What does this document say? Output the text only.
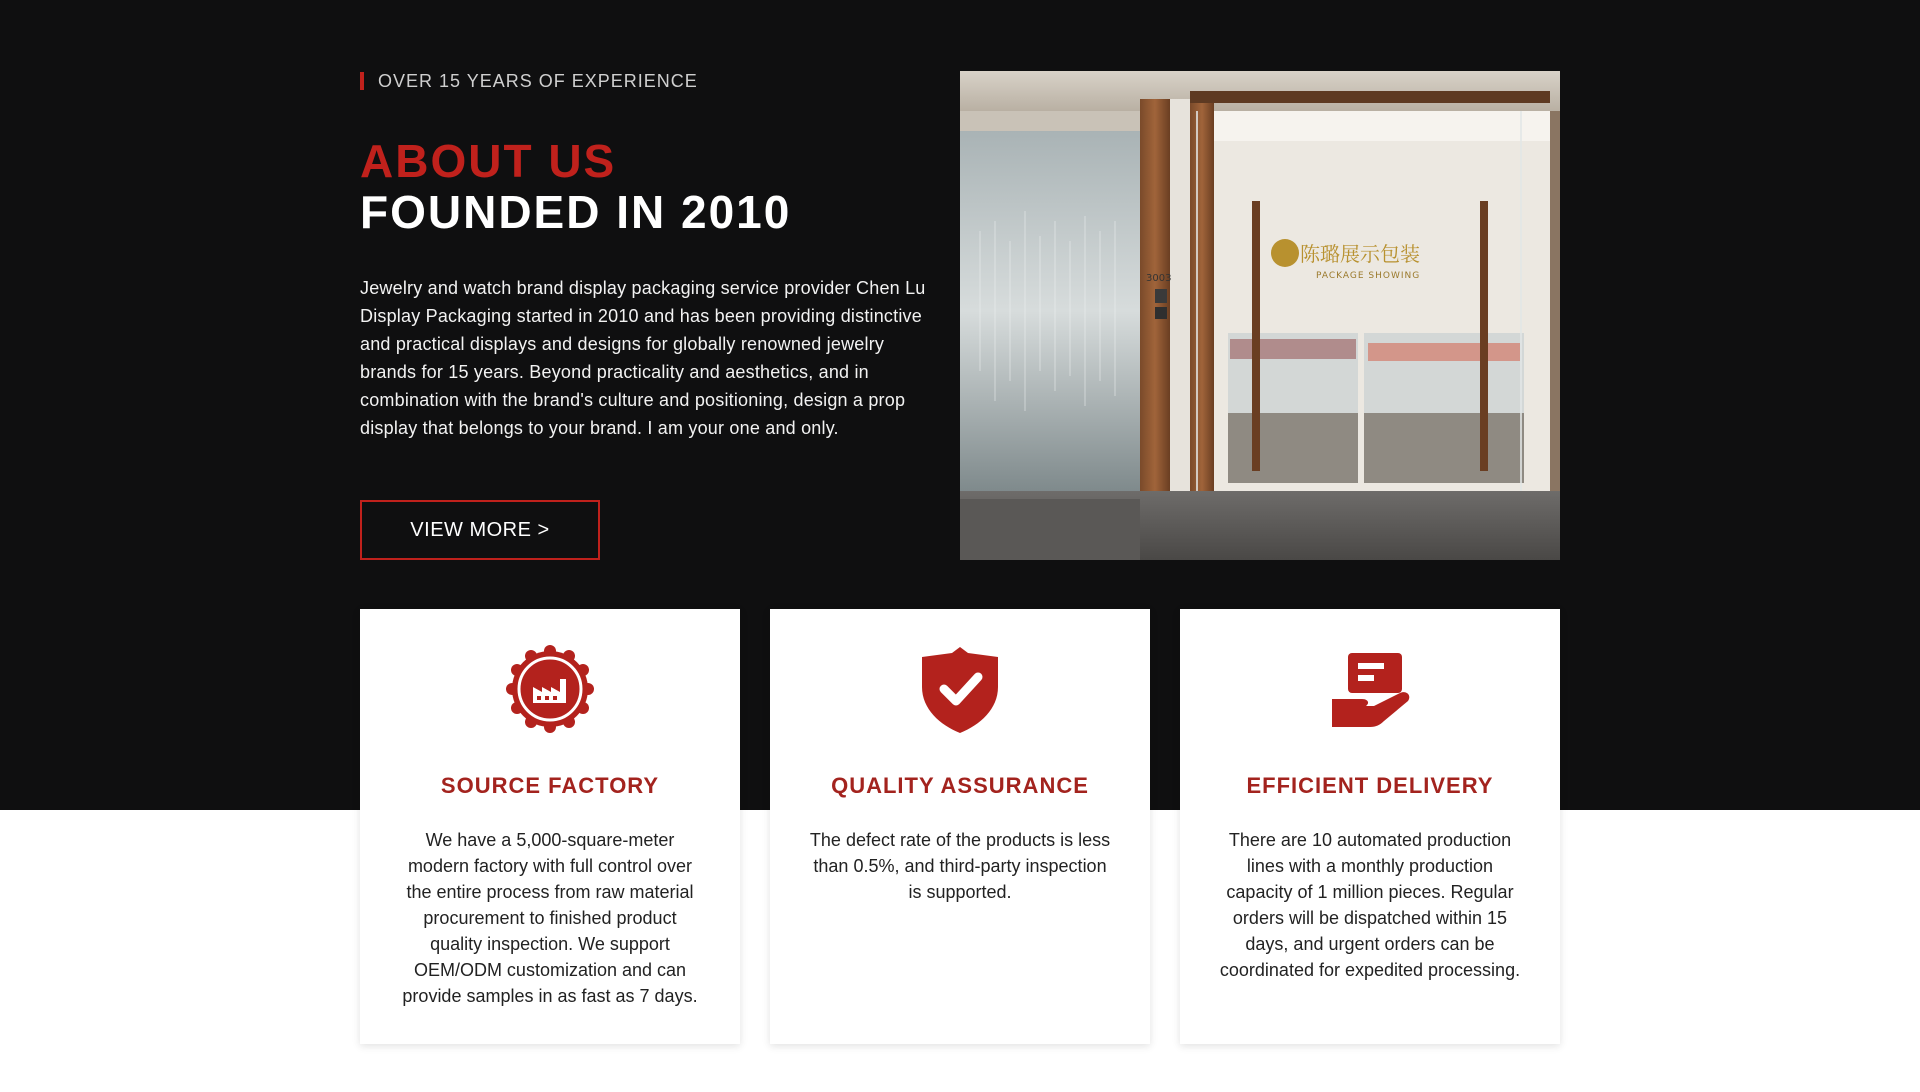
OVER 15 YEARS OF EXPERIENCE
ABOUT US
FOUNDED IN 2010

Jewelry and watch brand display packaging service provider Chen Lu Display Packaging started in 2010 and has been providing distinctive and practical displays and designs for globally renowned jewelry brands for 15 years. Beyond practicality and aesthetics, and in combination with the brand's culture and positioning, design a prop display that belongs to your brand. I am your one and only.

VIEW MORE >
陈璐展示包装
PACKAGE SHOWING
3003
SOURCE FACTORY

We have a 5,000-square-meter modern factory with full control over the entire process from raw material procurement to finished product quality inspection. We support OEM/ODM customization and can provide samples in as fast as 7 days.

QUALITY ASSURANCE

The defect rate of the products is less than 0.5%, and third-party inspection is supported.

EFFICIENT DELIVERY

There are 10 automated production lines with a monthly production capacity of 1 million pieces. Regular orders will be dispatched within 15 days, and urgent orders can be coordinated for expedited processing.
